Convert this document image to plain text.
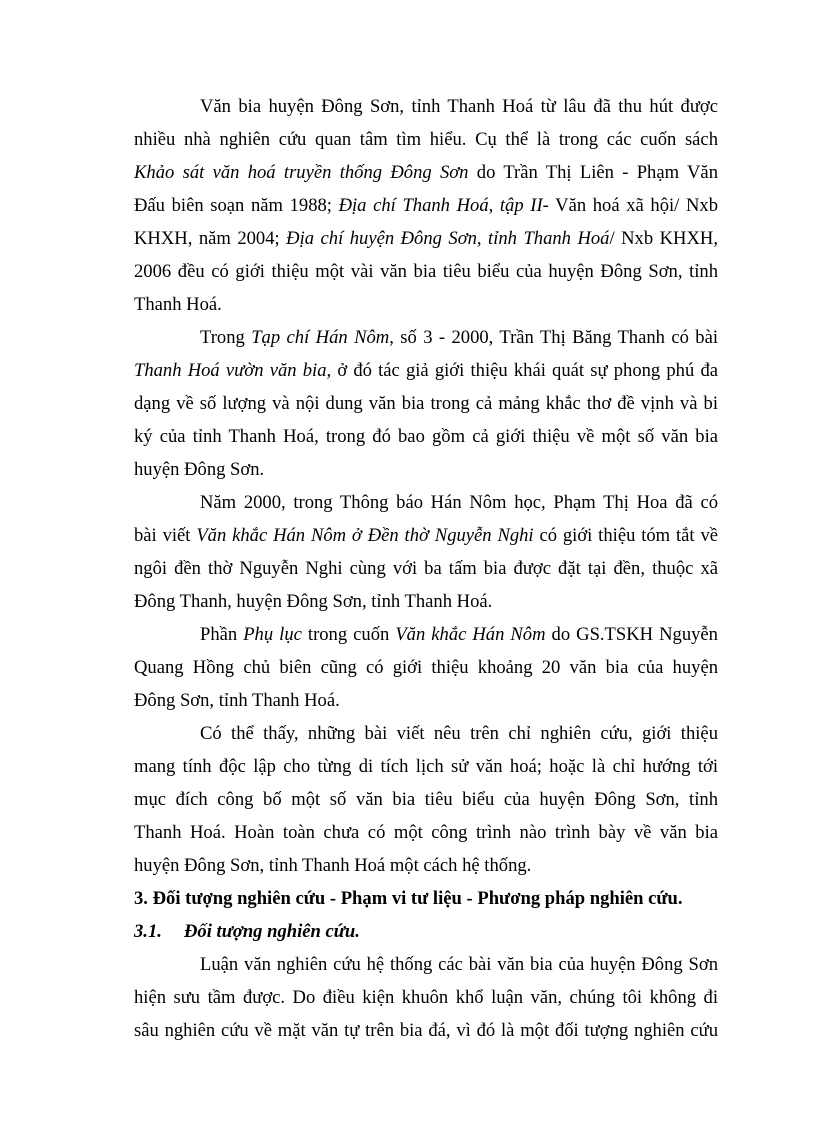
Văn bia huyện Đông Sơn, tỉnh Thanh Hoá từ lâu đã thu hút được
nhiều nhà nghiên cứu quan tâm tìm hiểu. Cụ thể là trong các cuốn sách
Khảo sát văn hoá truyền thống Đông Sơn do Trần Thị Liên - Phạm Văn
Đấu biên soạn năm 1988; Địa chí Thanh Hoá, tập II- Văn hoá xã hội/ Nxb
KHXH, năm 2004; Địa chí huyện Đông Sơn, tỉnh Thanh Hoá/ Nxb KHXH,
2006 đều có giới thiệu một vài văn bia tiêu biểu của huyện Đông Sơn, tỉnh
Thanh Hoá.
Trong Tạp chí Hán Nôm, số 3 - 2000, Trần Thị Băng Thanh có bài
Thanh Hoá vườn văn bia, ở đó tác giả giới thiệu khái quát sự phong phú đa
dạng về số lượng và nội dung văn bia trong cả mảng khắc thơ đề vịnh và bi
ký của tỉnh Thanh Hoá, trong đó bao gồm cả giới thiệu về một số văn bia
huyện Đông Sơn.
Năm 2000, trong Thông báo Hán Nôm học, Phạm Thị Hoa đã có
bài viết Văn khắc Hán Nôm ở Đền thờ Nguyễn Nghi có giới thiệu tóm tắt về
ngôi đền thờ Nguyễn Nghi cùng với ba tấm bia được đặt tại đền, thuộc xã
Đông Thanh, huyện Đông Sơn, tỉnh Thanh Hoá.
Phần Phụ lục trong cuốn Văn khắc Hán Nôm do GS.TSKH Nguyễn
Quang Hồng chủ biên cũng có giới thiệu khoảng 20 văn bia của huyện
Đông Sơn, tỉnh Thanh Hoá.
Có thể thấy, những bài viết nêu trên chỉ nghiên cứu, giới thiệu
mang tính độc lập cho từng di tích lịch sử văn hoá; hoặc là chỉ hướng tới
mục đích công bố một số văn bia tiêu biểu của huyện Đông Sơn, tỉnh
Thanh Hoá. Hoàn toàn chưa có một công trình nào trình bày về văn bia
huyện Đông Sơn, tỉnh Thanh Hoá một cách hệ thống.
3. Đối tượng nghiên cứu - Phạm vi tư liệu - Phương pháp nghiên cứu.
3.1. Đối tượng nghiên cứu.
Luận văn nghiên cứu hệ thống các bài văn bia của huyện Đông Sơn
hiện sưu tầm được. Do điều kiện khuôn khổ luận văn, chúng tôi không đi
sâu nghiên cứu về mặt văn tự trên bia đá, vì đó là một đối tượng nghiên cứu
